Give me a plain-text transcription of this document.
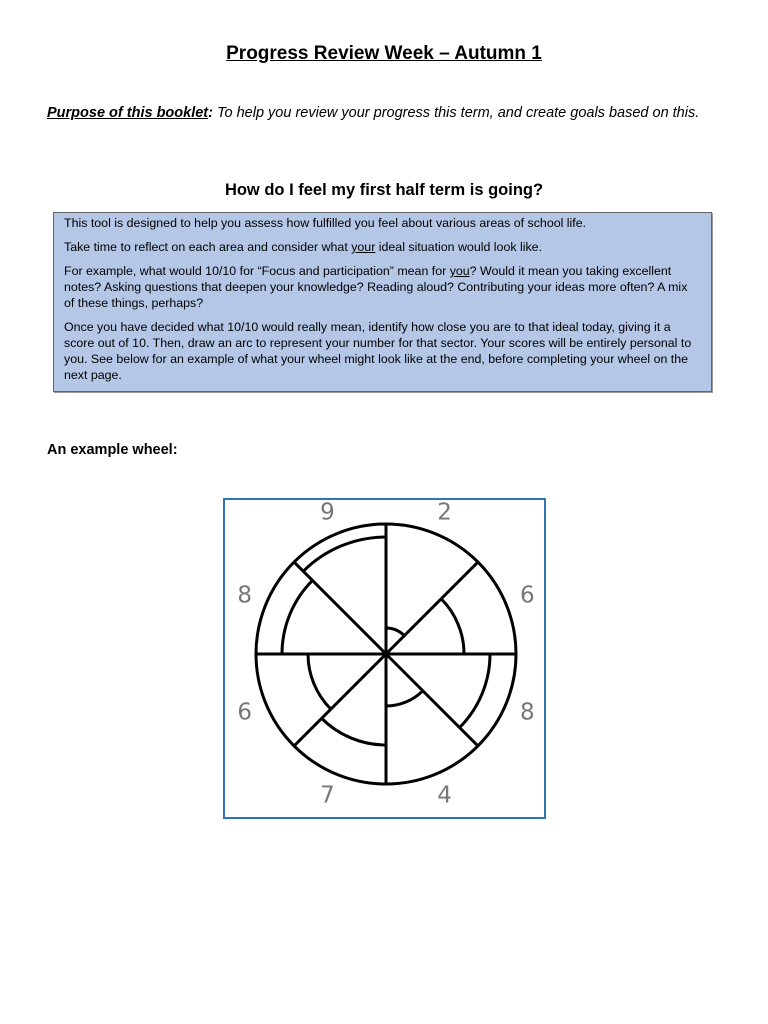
Progress Review Week – Autumn 1
Purpose of this booklet: To help you review your progress this term, and create goals based on this.
How do I feel my first half term is going?

This tool is designed to help you assess how fulfilled you feel about various areas of school life.

Take time to reflect on each area and consider what your ideal situation would look like.

For example, what would 10/10 for “Focus and participation” mean for you? Would it mean you taking excellent notes? Asking questions that deepen your knowledge? Reading aloud? Contributing your ideas more often? A mix of these things, perhaps?

Once you have decided what 10/10 would really mean, identify how close you are to that ideal today, giving it a score out of 10. Then, draw an arc to represent your number for that sector. Your scores will be entirely personal to you. See below for an example of what your wheel might look like at the end, before completing your wheel on the next page.

An example wheel:
2
6
8
4
7
6
8
9
